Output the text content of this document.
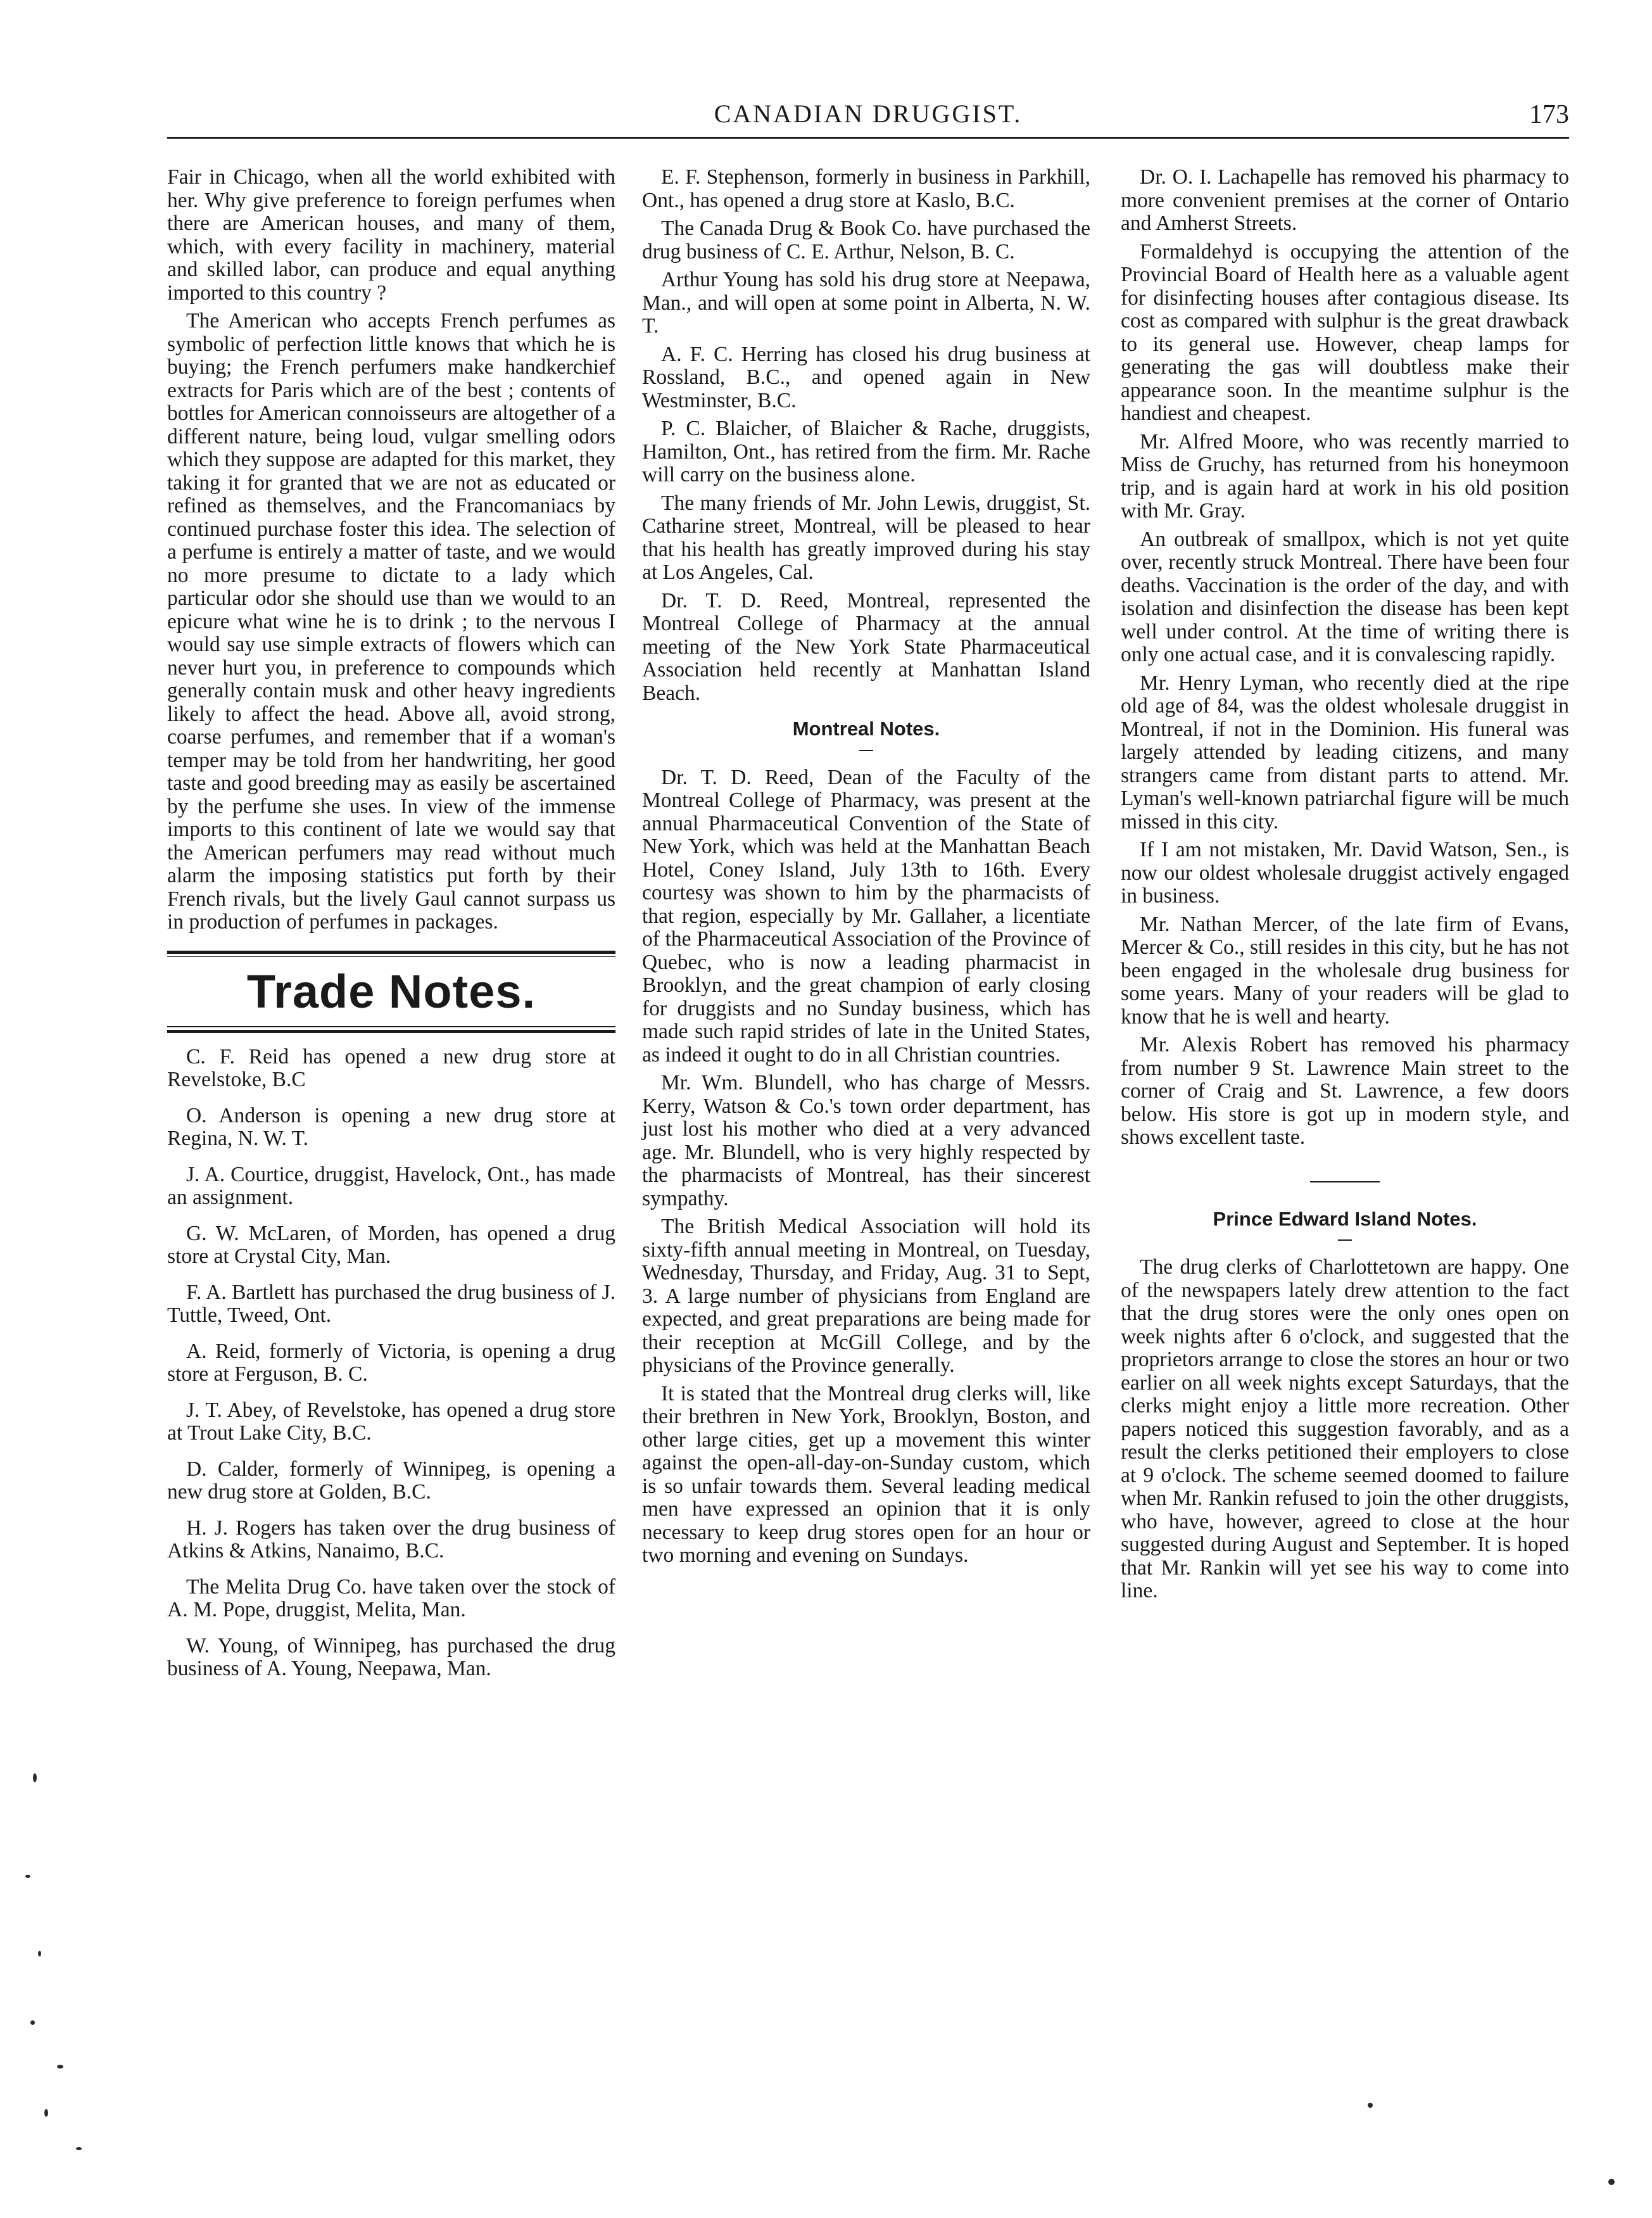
CANADIAN DRUGGIST.	173

Fair in Chicago, when all the world exhibited with her. Why give preference to foreign perfumes when there are American houses, and many of them, which, with every facility in machinery, material and skilled labor, can produce and equal anything imported to this country ?

The American who accepts French perfumes as symbolic of perfection little knows that which he is buying; the French perfumers make handkerchief extracts for Paris which are of the best ; contents of bottles for American connoisseurs are altogether of a different nature, being loud, vulgar smelling odors which they suppose are adapted for this market, they taking it for granted that we are not as educated or refined as themselves, and the Francomaniacs by continued purchase foster this idea. The selection of a perfume is entirely a matter of taste, and we would no more presume to dictate to a lady which particular odor she should use than we would to an epicure what wine he is to drink ; to the nervous I would say use simple extracts of flowers which can never hurt you, in preference to compounds which generally contain musk and other heavy ingredients likely to affect the head. Above all, avoid strong, coarse perfumes, and remember that if a woman's temper may be told from her handwriting, her good taste and good breeding may as easily be ascertained by the perfume she uses. In view of the immense imports to this continent of late we would say that the American perfumers may read without much alarm the imposing statistics put forth by their French rivals, but the lively Gaul cannot surpass us in production of perfumes in packages.

Trade Notes.

C. F. Reid has opened a new drug store at Revelstoke, B.C

O. Anderson is opening a new drug store at Regina, N. W. T.

J. A. Courtice, druggist, Havelock, Ont., has made an assignment.

G. W. McLaren, of Morden, has opened a drug store at Crystal City, Man.

F. A. Bartlett has purchased the drug business of J. Tuttle, Tweed, Ont.

A. Reid, formerly of Victoria, is opening a drug store at Ferguson, B. C.

J. T. Abey, of Revelstoke, has opened a drug store at Trout Lake City, B.C.

D. Calder, formerly of Winnipeg, is opening a new drug store at Golden, B.C.

H. J. Rogers has taken over the drug business of Atkins & Atkins, Nanaimo, B.C.

The Melita Drug Co. have taken over the stock of A. M. Pope, druggist, Melita, Man.

W. Young, of Winnipeg, has purchased the drug business of A. Young, Neepawa, Man.

E. F. Stephenson, formerly in business in Parkhill, Ont., has opened a drug store at Kaslo, B.C.

The Canada Drug & Book Co. have purchased the drug business of C. E. Arthur, Nelson, B. C.

Arthur Young has sold his drug store at Neepawa, Man., and will open at some point in Alberta, N. W. T.

A. F. C. Herring has closed his drug business at Rossland, B.C., and opened again in New Westminster, B.C.

P. C. Blaicher, of Blaicher & Rache, druggists, Hamilton, Ont., has retired from the firm. Mr. Rache will carry on the business alone.

The many friends of Mr. John Lewis, druggist, St. Catharine street, Montreal, will be pleased to hear that his health has greatly improved during his stay at Los Angeles, Cal.

Dr. T. D. Reed, Montreal, represented the Montreal College of Pharmacy at the annual meeting of the New York State Pharmaceutical Association held recently at Manhattan Island Beach.

Montreal Notes.

Dr. T. D. Reed, Dean of the Faculty of the Montreal College of Pharmacy, was present at the annual Pharmaceutical Convention of the State of New York, which was held at the Manhattan Beach Hotel, Coney Island, July 13th to 16th. Every courtesy was shown to him by the pharmacists of that region, especially by Mr. Gallaher, a licentiate of the Pharmaceutical Association of the Province of Quebec, who is now a leading pharmacist in Brooklyn, and the great champion of early closing for druggists and no Sunday business, which has made such rapid strides of late in the United States, as indeed it ought to do in all Christian countries.

Mr. Wm. Blundell, who has charge of Messrs. Kerry, Watson & Co.'s town order department, has just lost his mother who died at a very advanced age. Mr. Blundell, who is very highly respected by the pharmacists of Montreal, has their sincerest sympathy.

The British Medical Association will hold its sixty-fifth annual meeting in Montreal, on Tuesday, Wednesday, Thursday, and Friday, Aug. 31 to Sept, 3. A large number of physicians from England are expected, and great preparations are being made for their reception at McGill College, and by the physicians of the Province generally.

It is stated that the Montreal drug clerks will, like their brethren in New York, Brooklyn, Boston, and other large cities, get up a movement this winter against the open-all-day-on-Sunday custom, which is so unfair towards them. Several leading medical men have expressed an opinion that it is only necessary to keep drug stores open for an hour or two morning and evening on Sundays.

Dr. O. I. Lachapelle has removed his pharmacy to more convenient premises at the corner of Ontario and Amherst Streets.

Formaldehyd is occupying the attention of the Provincial Board of Health here as a valuable agent for disinfecting houses after contagious disease. Its cost as compared with sulphur is the great drawback to its general use. However, cheap lamps for generating the gas will doubtless make their appearance soon. In the meantime sulphur is the handiest and cheapest.

Mr. Alfred Moore, who was recently married to Miss de Gruchy, has returned from his honeymoon trip, and is again hard at work in his old position with Mr. Gray.

An outbreak of smallpox, which is not yet quite over, recently struck Montreal. There have been four deaths. Vaccination is the order of the day, and with isolation and disinfection the disease has been kept well under control. At the time of writing there is only one actual case, and it is convalescing rapidly.

Mr. Henry Lyman, who recently died at the ripe old age of 84, was the oldest wholesale druggist in Montreal, if not in the Dominion. His funeral was largely attended by leading citizens, and many strangers came from distant parts to attend. Mr. Lyman's well-known patriarchal figure will be much missed in this city.

If I am not mistaken, Mr. David Watson, Sen., is now our oldest wholesale druggist actively engaged in business.

Mr. Nathan Mercer, of the late firm of Evans, Mercer & Co., still resides in this city, but he has not been engaged in the wholesale drug business for some years. Many of your readers will be glad to know that he is well and hearty.

Mr. Alexis Robert has removed his pharmacy from number 9 St. Lawrence Main street to the corner of Craig and St. Lawrence, a few doors below. His store is got up in modern style, and shows excellent taste.

Prince Edward Island Notes.

The drug clerks of Charlottetown are happy. One of the newspapers lately drew attention to the fact that the drug stores were the only ones open on week nights after 6 o'clock, and suggested that the proprietors arrange to close the stores an hour or two earlier on all week nights except Saturdays, that the clerks might enjoy a little more recreation. Other papers noticed this suggestion favorably, and as a result the clerks petitioned their employers to close at 9 o'clock. The scheme seemed doomed to failure when Mr. Rankin refused to join the other druggists, who have, however, agreed to close at the hour suggested during August and September. It is hoped that Mr. Rankin will yet see his way to come into line.
